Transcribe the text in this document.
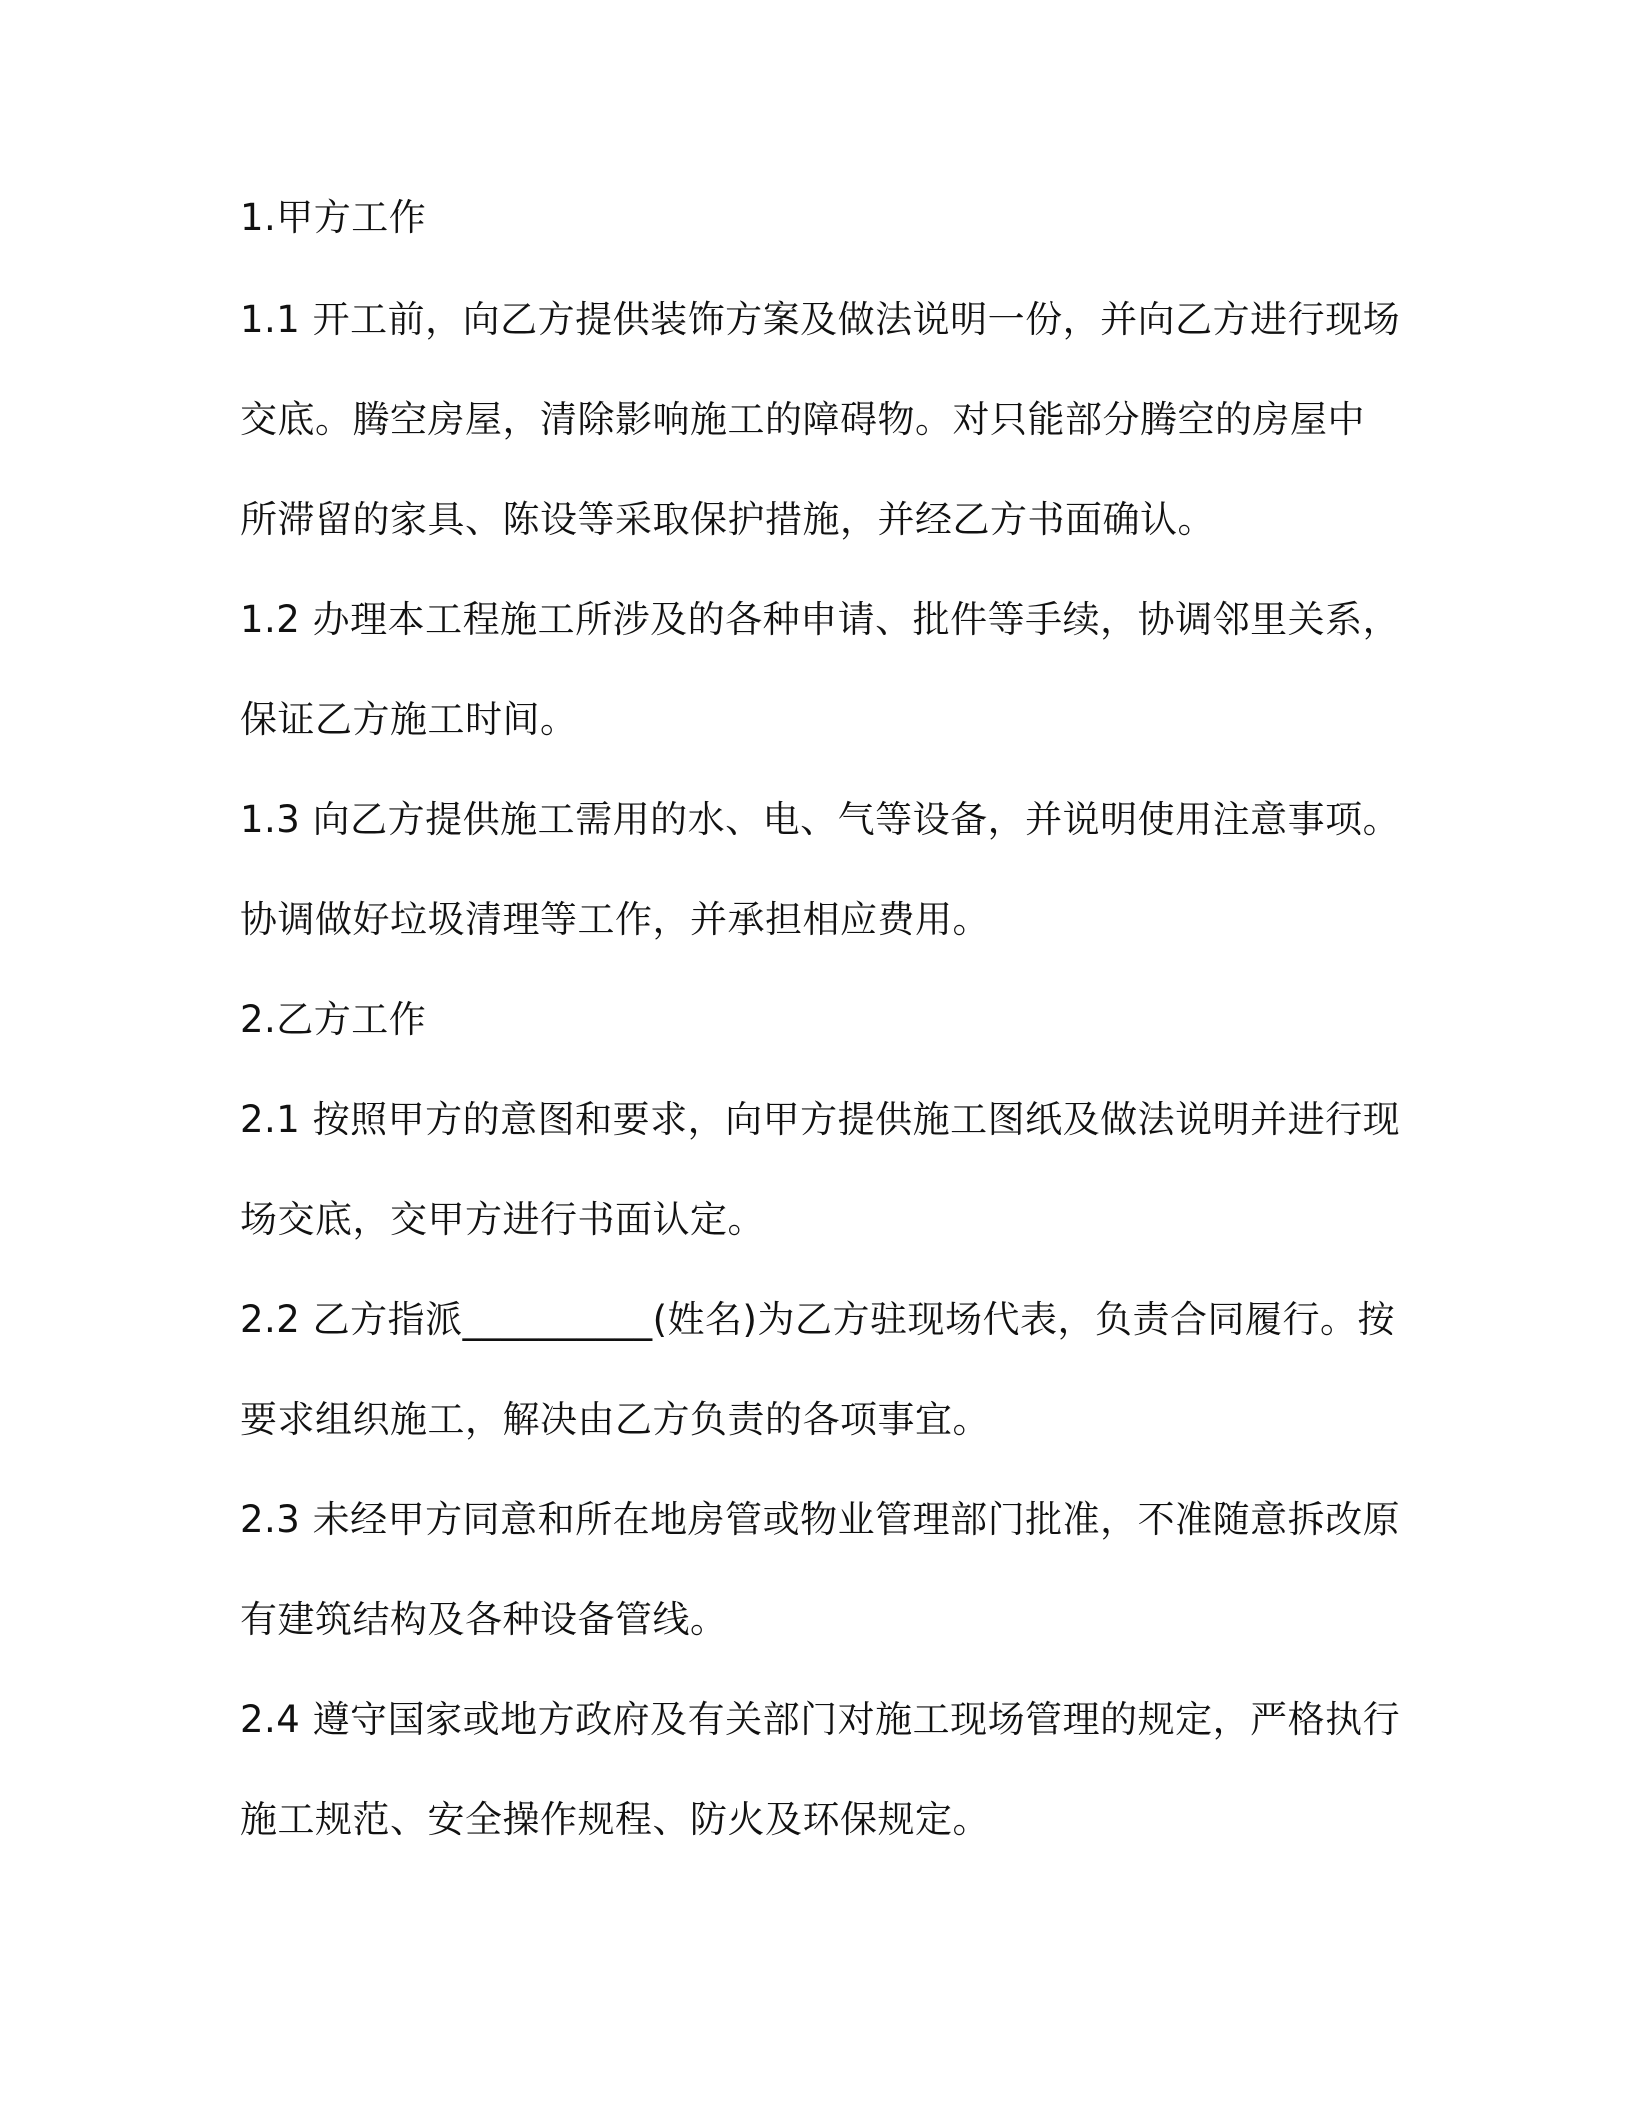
1.甲方工作
1.1 开工前，向乙方提供装饰方案及做法说明一份，并向乙方进行现场
交底。腾空房屋，清除影响施工的障碍物。对只能部分腾空的房屋中
所滞留的家具、陈设等采取保护措施，并经乙方书面确认。
1.2 办理本工程施工所涉及的各种申请、批件等手续，协调邻里关系，
保证乙方施工时间。
1.3 向乙方提供施工需用的水、电、气等设备，并说明使用注意事项。
协调做好垃圾清理等工作，并承担相应费用。
2.乙方工作
2.1 按照甲方的意图和要求，向甲方提供施工图纸及做法说明并进行现
场交底，交甲方进行书面认定。
2.2 乙方指派__________(姓名)为乙方驻现场代表，负责合同履行。按
要求组织施工，解决由乙方负责的各项事宜。
2.3 未经甲方同意和所在地房管或物业管理部门批准，不准随意拆改原
有建筑结构及各种设备管线。
2.4 遵守国家或地方政府及有关部门对施工现场管理的规定，严格执行
施工规范、安全操作规程、防火及环保规定。
